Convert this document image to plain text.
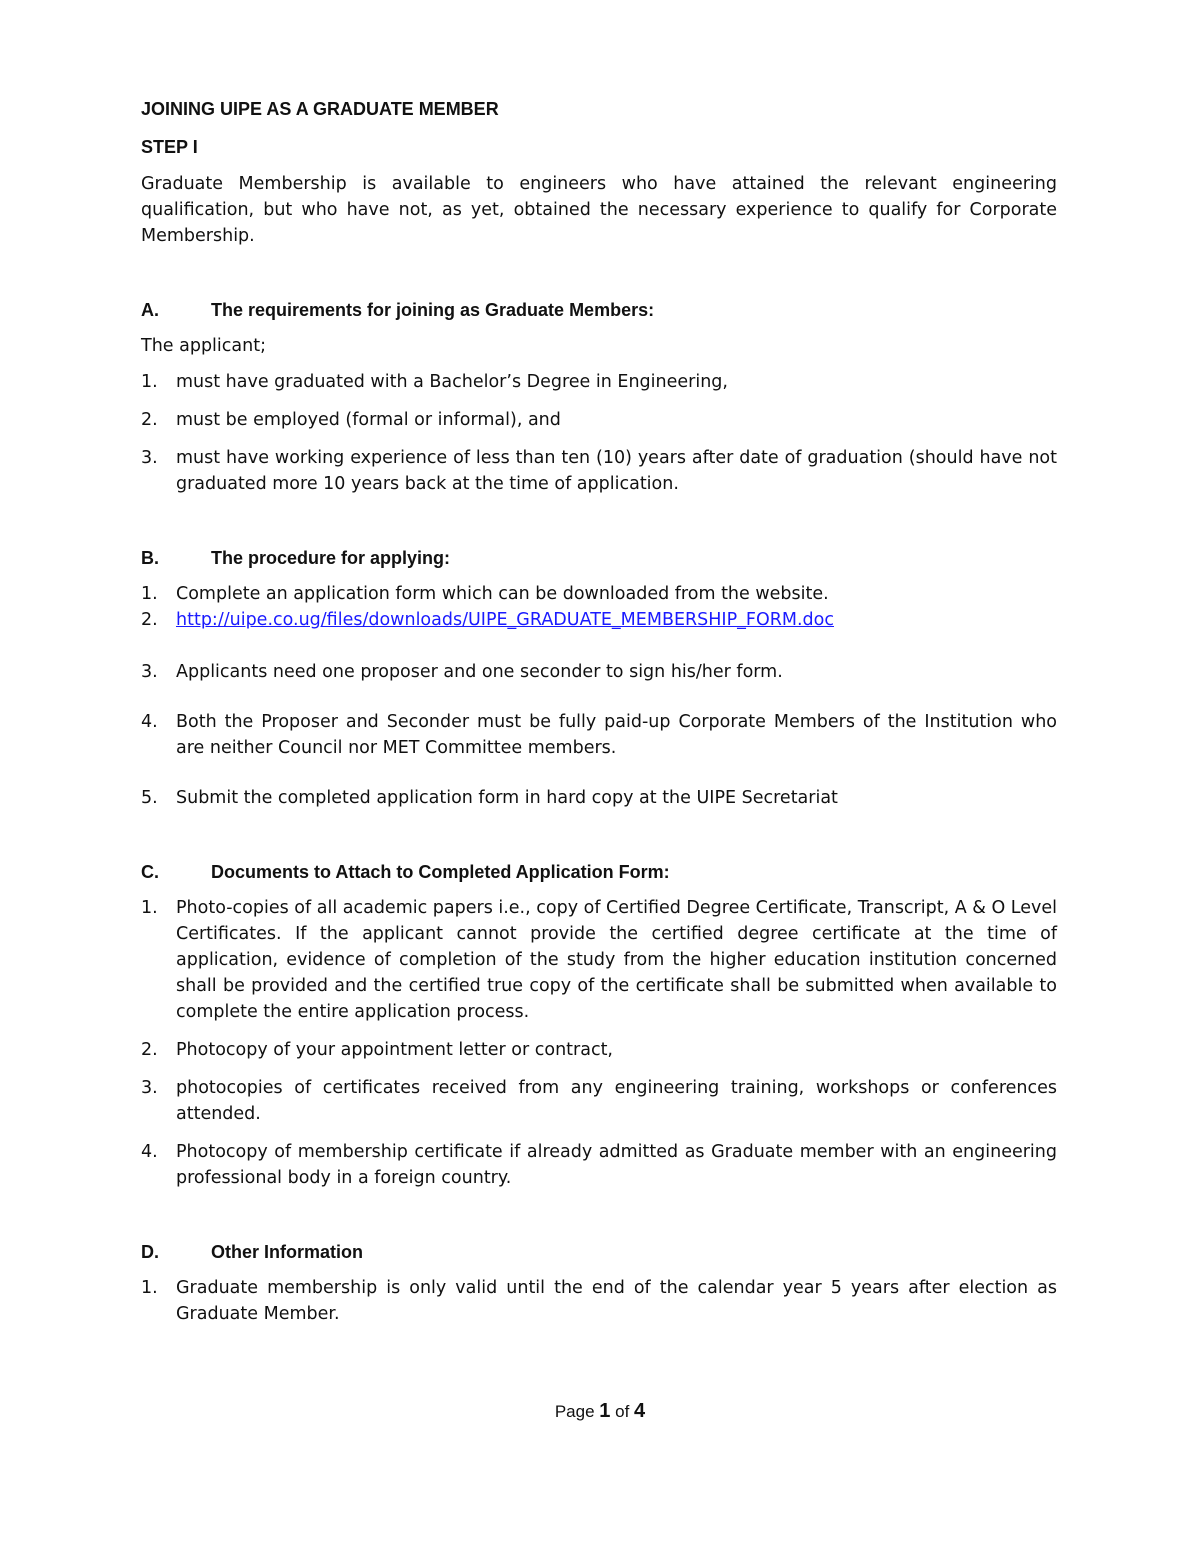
JOINING UIPE AS A GRADUATE MEMBER
STEP I

Graduate Membership is available to engineers who have attained the relevant engineering qualification, but who have not, as yet, obtained the necessary experience to qualify for Corporate Membership.

A.	The requirements for joining as Graduate Members:
The applicant;
1.	must have graduated with a Bachelor’s Degree in Engineering,
2.	must be employed (formal or informal), and
3.	must have working experience of less than ten (10) years after date of graduation (should have not graduated more 10 years back at the time of application.
B.	The procedure for applying:
1.	Complete an application form which can be downloaded from the website.
2.	http://uipe.co.ug/files/downloads/UIPE_GRADUATE_MEMBERSHIP_FORM.doc
3.	Applicants need one proposer and one seconder to sign his/her form.
4.	Both the Proposer and Seconder must be fully paid-up Corporate Members of the Institution who are neither Council nor MET Committee members.
5.	Submit the completed application form in hard copy at the UIPE Secretariat
C.	Documents to Attach to Completed Application Form:
1.	Photo-copies of all academic papers i.e., copy of Certified Degree Certificate, Transcript, A & O Level Certificates. If the applicant cannot provide the certified degree certificate at the time of application, evidence of completion of the study from the higher education institution concerned shall be provided and the certified true copy of the certificate shall be submitted when available to complete the entire application process.
2.	Photocopy of your appointment letter or contract,
3.	photocopies of certificates received from any engineering training, workshops or conferences attended.
4.	Photocopy of membership certificate if already admitted as Graduate member with an engineering professional body in a foreign country.
D.	Other Information
1.	Graduate membership is only valid until the end of the calendar year 5 years after election as Graduate Member.
Page 1 of 4
